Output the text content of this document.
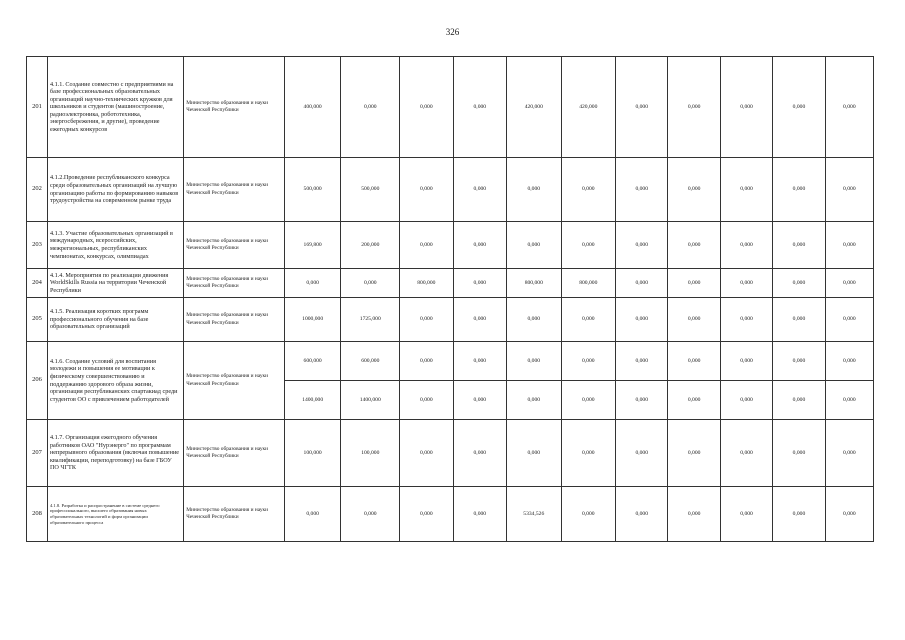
326
201	4.1.1. Создание совместно с предприятиями на базе профессиональных образовательных организаций научно-технических кружков для школьников и студентов (машиностроение, радиоэлектроника, робототехника, энергосбережения, и другие), проведение ежегодных конкурсов	Министерство образования и науки Чеченской Республики	400,000	0,000	0,000	0,000	420,000	420,000	0,000	0,000	0,000	0,000	0,000
202	4.1.2.Проведение республиканского конкурса среди образовательных организаций на лучшую организацию работы по формированию навыков трудоустройства на современном рынке труда	Министерство образования и науки Чеченской Республики	500,000	500,000	0,000	0,000	0,000	0,000	0,000	0,000	0,000	0,000	0,000
203	4.1.3. Участие образовательных организаций в международных, всероссийских, межрегиональных, республиканских чемпионатах, конкурсах, олимпиадах	Министерство образования и науки Чеченской Республики	169,800	200,000	0,000	0,000	0,000	0,000	0,000	0,000	0,000	0,000	0,000
204	4.1.4. Мероприятия по реализации движения WorldSkills Russia на территории Чеченской Республики	Министерство образования и науки Чеченской Республики	0,000	0,000	800,000	0,000	800,000	800,000	0,000	0,000	0,000	0,000	0,000
205	4.1.5. Реализация коротких программ профессионального обучения на базе образовательных организаций	Министерство образования и науки Чеченской Республики	1000,000	1725,000	0,000	0,000	0,000	0,000	0,000	0,000	0,000	0,000	0,000
206	4.1.6. Создание условий для воспитания молодежи и повышения ее мотивации к физическому совершенствованию и поддержанию здорового образа жизни, организация республиканских спартакиад среди студентов ОО с привлечением работодателей	Министерство образования и науки Чеченской Республики	600,000	600,000	0,000	0,000	0,000	0,000	0,000	0,000	0,000	0,000	0,000
			1400,000	1400,000	0,000	0,000	0,000	0,000	0,000	0,000	0,000	0,000	0,000
207	4.1.7. Организация ежегодного обучения работников ОАО "Нурэнерго" по программам непрерывного образования (включая повышение квалификации, переподготовку) на базе ГБОУ ПО ЧГТК	Министерство образования и науки Чеченской Республики	100,000	100,000	0,000	0,000	0,000	0,000	0,000	0,000	0,000	0,000	0,000
208	4.1.8. Разработка и распространение в системе среднего профессионального, высшего образования новых образовательных технологий и форм организации образовательного процесса	Министерство образования и науки Чеченской Республики	0,000	0,000	0,000	0,000	5334,526	0,000	0,000	0,000	0,000	0,000	0,000
